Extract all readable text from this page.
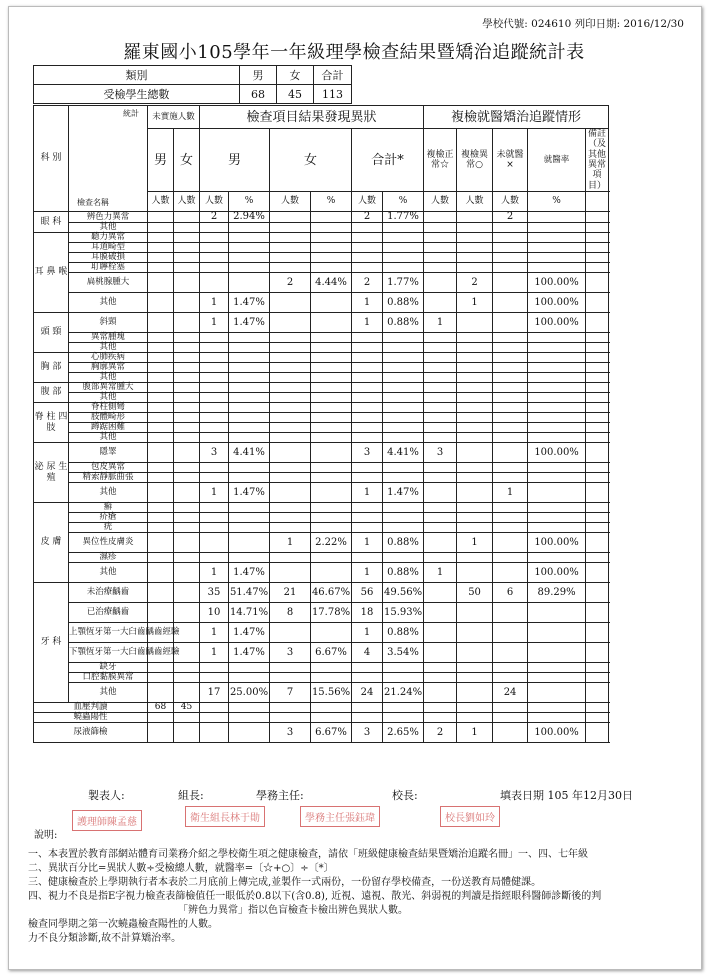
學校代號: 024610 列印日期: 2016/12/30
羅東國小105學年一年級理學檢查結果暨矯治追蹤統計表
類別	男	女	合計
受檢學生總數	68	45	113
科 別	統計
檢查名稱	未實施人數		檢查項目結果發現異狀						複檢就醫矯治追蹤情形				
		男	女	男		女		合計*		複檢正常☆	複檢異常○	未就醫×	就醫率	備註（及其他異常項目）
		人數	人數	人數	%	人數	%	人數	%	人數	人數	人數	%	
眼 科	辨色力異常			2	2.94%			2	1.77%			2		
	其他													
耳 鼻 喉	聽力異常													
	耳道畸型													
	耳膜破損													
	耵聹栓塞													
	扁桃腺腫大					2	4.44%	2	1.77%		2		100.00%	
	其他			1	1.47%			1	0.88%		1		100.00%	
頭 頸	斜頸			1	1.47%			1	0.88%	1			100.00%	
	異常腫塊													
	其他													
胸 部	心肺疾病													
	胸廓異常													
	其他													
腹 部	腹部異常腫大													
	其他													
脊 柱 四 肢	脊柱側彎													
	肢體畸形													
	蹲踞困難													
	其他													
泌 尿 生 殖	隱睪			3	4.41%			3	4.41%	3			100.00%	
	包皮異常													
	精索靜脈曲張													
	其他			1	1.47%			1	1.47%			1		
皮 膚	癬													
	疥瘡													
	疣													
	異位性皮膚炎					1	2.22%	1	0.88%		1		100.00%	
	濕疹													
	其他			1	1.47%			1	0.88%	1			100.00%	
牙 科	未治療齲齒			35	51.47%	21	46.67%	56	49.56%		50	6	89.29%	
	已治療齲齒			10	14.71%	8	17.78%	18	15.93%					
	上顎恆牙第一大臼齒齲齒經驗			1	1.47%			1	0.88%					
	下顎恆牙第一大臼齒齲齒經驗			1	1.47%	3	6.67%	4	3.54%					
	缺牙													
	口腔黏膜異常													
	其他			17	25.00%	7	15.56%	24	21.24%			24		
血壓判讀		68	45											
蟯蟲陽性														
尿液篩檢						3	6.67%	3	2.65%	2	1		100.00%	
製表人:	組長:	學務主任:	校長:	填表日期 105 年12月30日
護理師陳孟慈	衛生組長林于勛	學務主任張鈺瑋	校長劉如玲
說明:
一、本表置於教育部網站體育司業務介紹之學校衛生項之健康檢查，請依「班級健康檢查結果暨矯治追蹤名冊」一、四、七年級
二、異狀百分比=異狀人數÷受檢總人數，就醫率=〔☆+○〕÷〔*〕
三、健康檢查於上學期執行者本表於二月底前上傳完成,並製作一式兩份，一份留存學校備查，一份送教育局體健課。
四、視力不良是指E字視力檢查表篩檢值任一眼低於0.8以下(含0.8), 近視、遠視、散光、斜弱視的判讀是指經眼科醫師診斷後的判
「辨色力異常」指以色盲檢查卡檢出辨色異狀人數。
檢查同學期之第一次蟯蟲檢查陽性的人數。
力不良分類診斷,故不計算矯治率。
